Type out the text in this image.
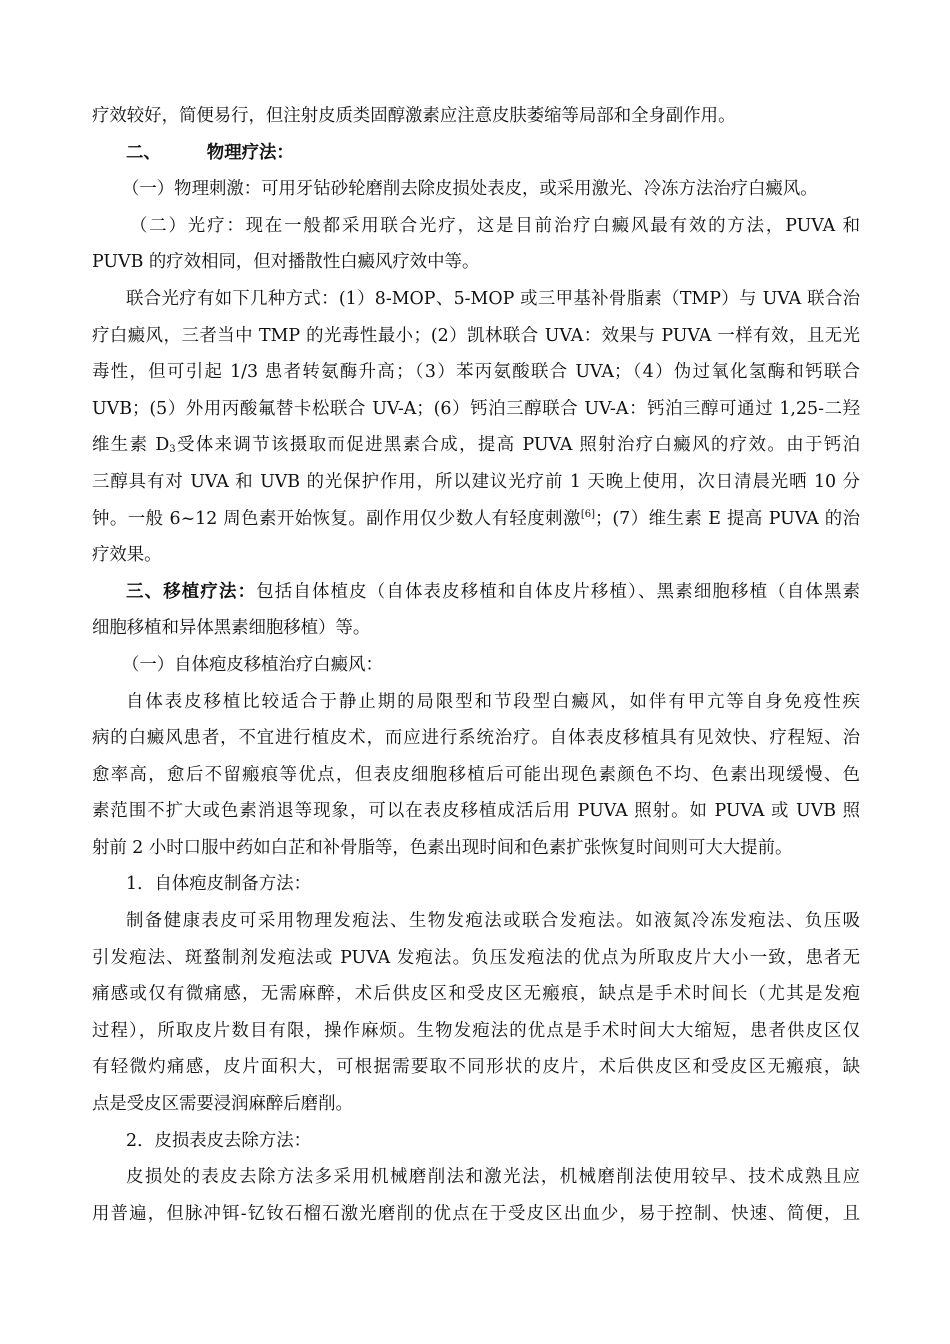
疗效较好，简便易行，但注射皮质类固醇激素应注意皮肤萎缩等局部和全身副作用。
二、	物理疗法：
（一）物理刺激：可用牙钻砂轮磨削去除皮损处表皮，或采用激光、冷冻方法治疗白癜风。
（二）光疗：现在一般都采用联合光疗，这是目前治疗白癜风最有效的方法，PUVA 和
PUVB 的疗效相同，但对播散性白癜风疗效中等。
联合光疗有如下几种方式：(1）8-MOP、5-MOP 或三甲基补骨脂素（TMP）与 UVA 联合治
疗白癜风，三者当中 TMP 的光毒性最小；(2）凯林联合 UVA：效果与 PUVA 一样有效，且无光
毒性，但可引起 1/3 患者转氨酶升高；（3）苯丙氨酸联合 UVA；（4）伪过氧化氢酶和钙联合
UVB；(5）外用丙酸氟替卡松联合 UV-A；(6）钙泊三醇联合 UV-A：钙泊三醇可通过 1,25-二羟
维生素 $D_3$受体来调节该摄取而促进黑素合成，提高 PUVA 照射治疗白癜风的疗效。由于钙泊
三醇具有对 UVA 和 UVB 的光保护作用，所以建议光疗前 1 天晚上使用，次日清晨光晒 10 分
钟。一般 6~12 周色素开始恢复。副作用仅少数人有轻度刺激[6]；(7）维生素 E 提高 PUVA 的治
疗效果。
三、移植疗法：包括自体植皮（自体表皮移植和自体皮片移植）、黑素细胞移植（自体黑素
细胞移植和异体黑素细胞移植）等。
（一）自体疱皮移植治疗白癜风：
自体表皮移植比较适合于静止期的局限型和节段型白癜风，如伴有甲亢等自身免疫性疾
病的白癜风患者，不宜进行植皮术，而应进行系统治疗。自体表皮移植具有见效快、疗程短、治
愈率高，愈后不留瘢痕等优点，但表皮细胞移植后可能出现色素颜色不均、色素出现缓慢、色
素范围不扩大或色素消退等现象，可以在表皮移植成活后用 PUVA 照射。如 PUVA 或 UVB 照
射前 2 小时口服中药如白芷和补骨脂等，色素出现时间和色素扩张恢复时间则可大大提前。
1．自体疱皮制备方法：
制备健康表皮可采用物理发疱法、生物发疱法或联合发疱法。如液氮冷冻发疱法、负压吸
引发疱法、斑蝥制剂发疱法或 PUVA 发疱法。负压发疱法的优点为所取皮片大小一致，患者无
痛感或仅有微痛感，无需麻醉，术后供皮区和受皮区无瘢痕，缺点是手术时间长（尤其是发疱
过程），所取皮片数目有限，操作麻烦。生物发疱法的优点是手术时间大大缩短，患者供皮区仅
有轻微灼痛感，皮片面积大，可根据需要取不同形状的皮片，术后供皮区和受皮区无瘢痕，缺
点是受皮区需要浸润麻醉后磨削。
2．皮损表皮去除方法：
皮损处的表皮去除方法多采用机械磨削法和激光法，机械磨削法使用较早、技术成熟且应
用普遍，但脉冲铒-钇钕石榴石激光磨削的优点在于受皮区出血少，易于控制、快速、简便，且
